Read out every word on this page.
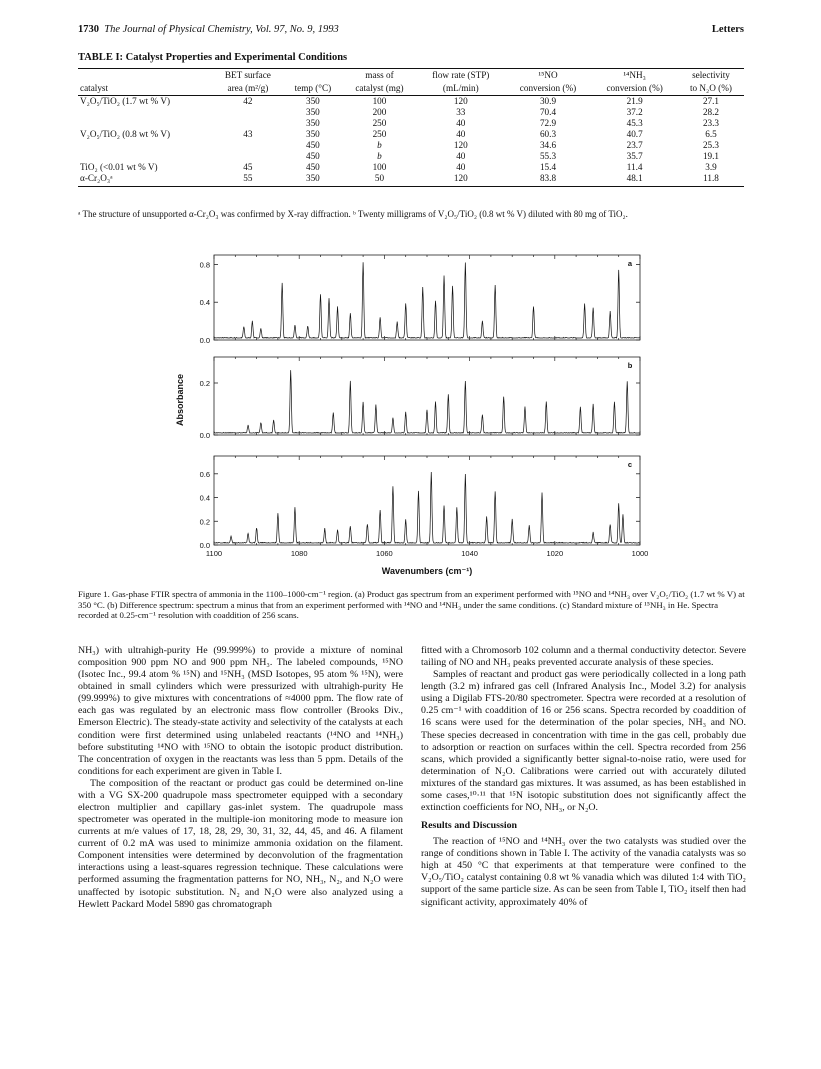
1730 The Journal of Physical Chemistry, Vol. 97, No. 9, 1993	Letters
TABLE I: Catalyst Properties and Experimental Conditions
	BET surface		mass of	flow rate (STP)	¹⁵NO	¹⁴NH₃	selectivity
catalyst	area (m²/g)	temp (°C)	catalyst (mg)	(mL/min)	conversion (%)	conversion (%)	to N₂O (%)
V₂O₅/TiO₂ (1.7 wt % V)	42	350	100	120	30.9	21.9	27.1
		350	200	33	70.4	37.2	28.2
		350	250	40	72.9	45.3	23.3
V₂O₅/TiO₂ (0.8 wt % V)	43	350	250	40	60.3	40.7	6.5
		450	b	120	34.6	23.7	25.3
		450	b	40	55.3	35.7	19.1
TiO₂ (<0.01 wt % V)	45	450	100	40	15.4	11.4	3.9
α-Cr₂O₃ᵃ	55	350	50	120	83.8	48.1	11.8
ᵃ The structure of unsupported α-Cr₂O₃ was confirmed by X-ray diffraction. ᵇ Twenty milligrams of V₂O₅/TiO₂ (0.8 wt % V) diluted with 80 mg of TiO₂.
0.0
0.4
0.8	a
0.0
0.2
b
0.0
0.2
0.4
0.6
c
1100	1080	1060	1040	1020	1000
Wavenumbers (cm⁻¹)
Absorbance
Figure 1. Gas-phase FTIR spectra of ammonia in the 1100–1000-cm⁻¹ region. (a) Product gas spectrum from an experiment performed with ¹⁵NO and ¹⁴NH₃ over V₂O₅/TiO₂ (1.7 wt % V) at 350 °C. (b) Difference spectrum: spectrum a minus that from an experiment performed with ¹⁴NO and ¹⁴NH₃ under the same conditions. (c) Standard mixture of ¹⁵NH₃ in He. Spectra recorded at 0.25-cm⁻¹ resolution with coaddition of 256 scans.

NH₃) with ultrahigh-purity He (99.999%) to provide a mixture of nominal composition 900 ppm NO and 900 ppm NH₃. The labeled compounds, ¹⁵NO (Isotec Inc., 99.4 atom % ¹⁵N) and ¹⁵NH₃ (MSD Isotopes, 95 atom % ¹⁵N), were obtained in small cylinders which were pressurized with ultrahigh-purity He (99.999%) to give mixtures with concentrations of ≈4000 ppm. The flow rate of each gas was regulated by an electronic mass flow controller (Brooks Div., Emerson Electric). The steady-state activity and selectivity of the catalysts at each condition were first determined using unlabeled reactants (¹⁴NO and ¹⁴NH₃) before substituting ¹⁴NO with ¹⁵NO to obtain the isotopic product distribution. The concentration of oxygen in the reactants was less than 5 ppm. Details of the conditions for each experiment are given in Table I.

The composition of the reactant or product gas could be determined on-line with a VG SX-200 quadrupole mass spectrometer equipped with a secondary electron multiplier and capillary gas-inlet system. The quadrupole mass spectrometer was operated in the multiple-ion monitoring mode to measure ion currents at m/e values of 17, 18, 28, 29, 30, 31, 32, 44, 45, and 46. A filament current of 0.2 mA was used to minimize ammonia oxidation on the filament. Component intensities were determined by deconvolution of the fragmentation interactions using a least-squares regression technique. These calculations were performed assuming the fragmentation patterns for NO, NH₃, N₂, and N₂O were unaffected by isotopic substitution. N₂ and N₂O were also analyzed using a Hewlett Packard Model 5890 gas chromatograph

fitted with a Chromosorb 102 column and a thermal conductivity detector. Severe tailing of NO and NH₃ peaks prevented accurate analysis of these species.

Samples of reactant and product gas were periodically collected in a long path length (3.2 m) infrared gas cell (Infrared Analysis Inc., Model 3.2) for analysis using a Digilab FTS-20/80 spectrometer. Spectra were recorded at a resolution of 0.25 cm⁻¹ with coaddition of 16 or 256 scans. Spectra recorded by coaddition of 16 scans were used for the determination of the polar species, NH₃ and NO. These species decreased in concentration with time in the gas cell, probably due to adsorption or reaction on surfaces within the cell. Spectra recorded from 256 scans, which provided a significantly better signal-to-noise ratio, were used for determination of N₂O. Calibrations were carried out with accurately diluted mixtures of the standard gas mixtures. It was assumed, as has been established in some cases,¹⁰·¹¹ that ¹⁵N isotopic substitution does not significantly affect the extinction coefficients for NO, NH₃, or N₂O.

Results and Discussion

The reaction of ¹⁵NO and ¹⁴NH₃ over the two catalysts was studied over the range of conditions shown in Table I. The activity of the vanadia catalysts was so high at 450 °C that experiments at that temperature were confined to the V₂O₅/TiO₂ catalyst containing 0.8 wt % vanadia which was diluted 1:4 with TiO₂ support of the same particle size. As can be seen from Table I, TiO₂ itself then had significant activity, approximately 40% of
